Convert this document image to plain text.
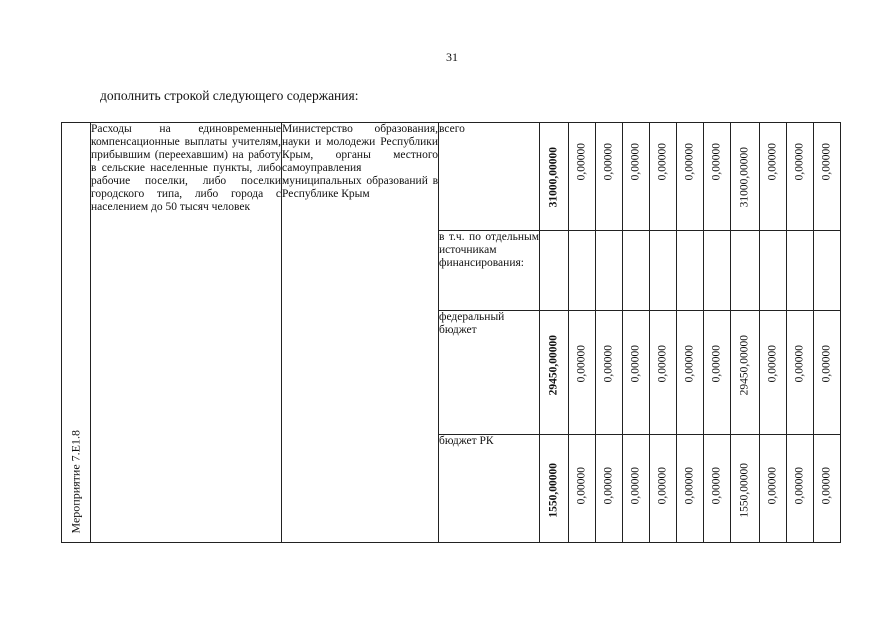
31
дополнить строкой следующего содержания:
Мероприятие 7.Е1.8	Расходы на единовременные компенсационные выплаты учителям, прибывшим (переехавшим) на работу в сельские населенные пункты, либо рабочие поселки, либо поселки городского типа, либо города с населением до 50 тысяч человек	Министерство образования, науки и молодежи Республики Крым, органы местного самоуправления муниципальных образований в Республике Крым	всего	31000,00000	0,00000	0,00000	0,00000	0,00000	0,00000	0,00000	31000,00000	0,00000	0,00000	0,00000

			в т.ч. по отдельным источникам финансирования:	

			федеральный бюджет	29450,00000	0,00000	0,00000	0,00000	0,00000	0,00000	0,00000	29450,00000	0,00000	0,00000	0,00000

			бюджет РК	1550,00000	0,00000	0,00000	0,00000	0,00000	0,00000	0,00000	1550,00000	0,00000	0,00000	0,00000
